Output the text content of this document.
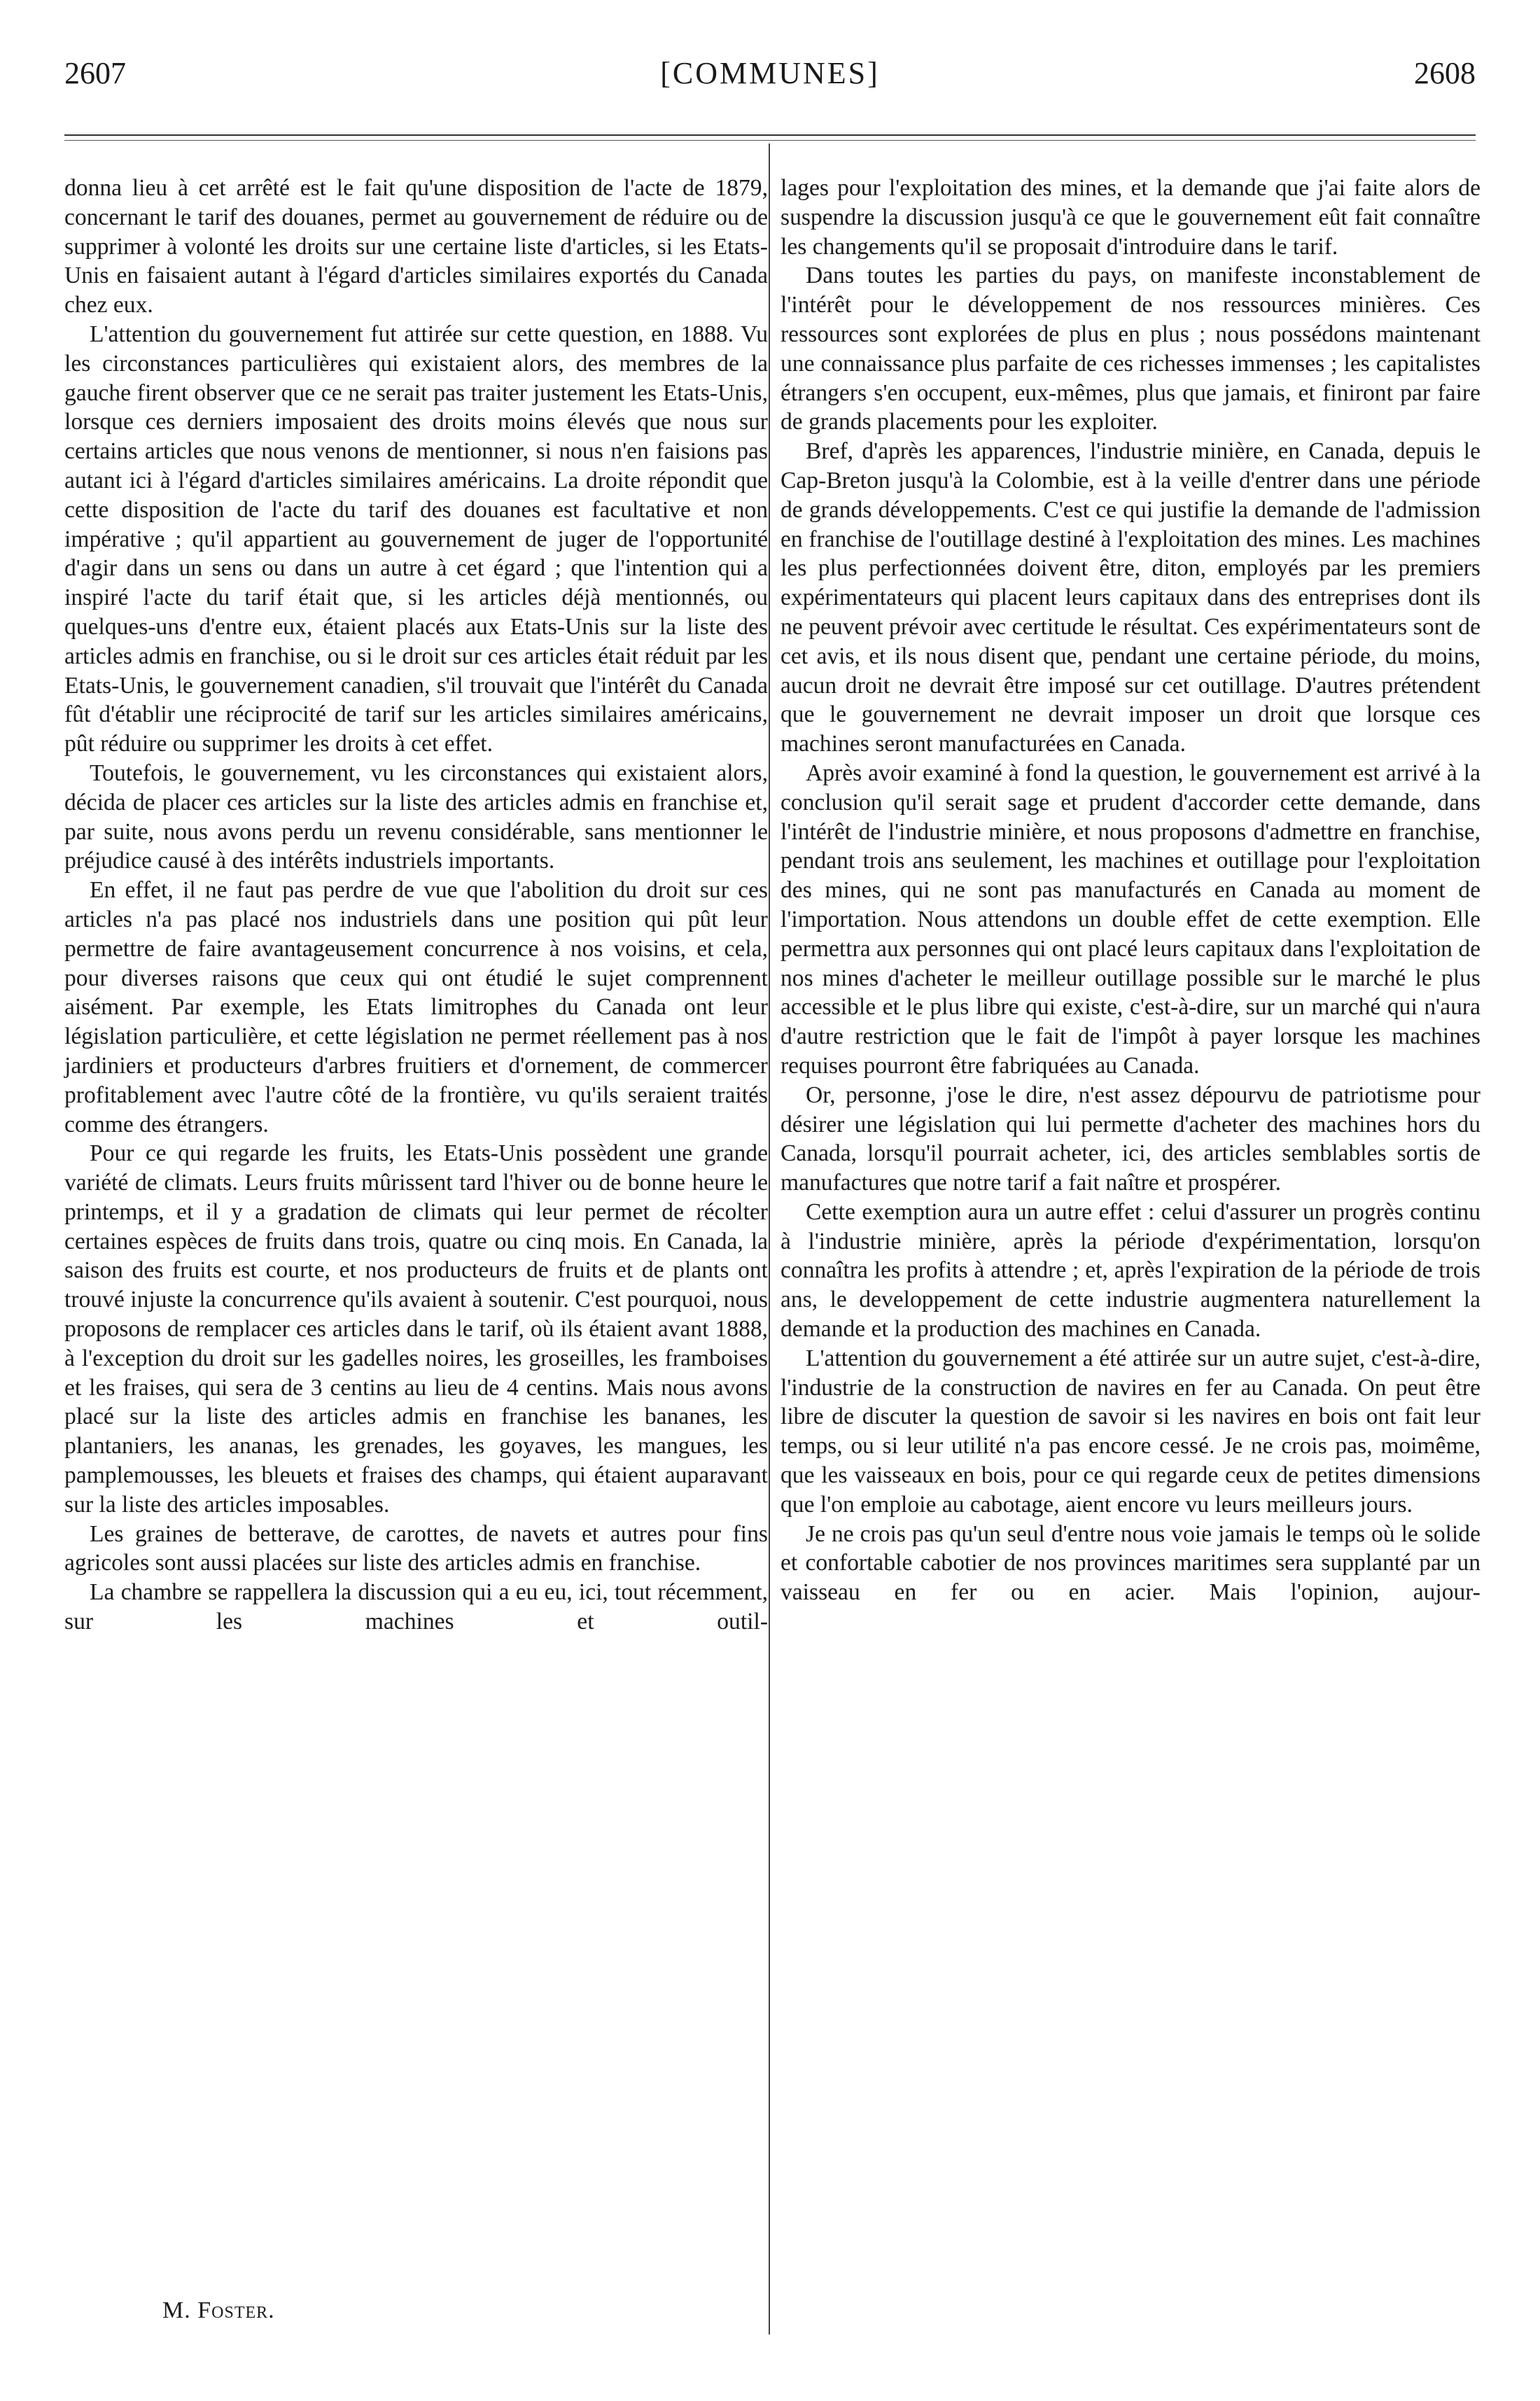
2607	[COMMUNES]	2608

donna lieu à cet arrêté est le fait qu'une disposition de l'acte de 1879, concernant le tarif des douanes, permet au gouvernement de réduire ou de supprimer à volonté les droits sur une certaine liste d'articles, si les Etats-Unis en faisaient autant à l'égard d'articles similaires exportés du Canada chez eux.

L'attention du gouvernement fut attirée sur cette question, en 1888. Vu les circonstances particulières qui existaient alors, des membres de la gauche firent observer que ce ne serait pas traiter justement les Etats-Unis, lorsque ces derniers imposaient des droits moins élevés que nous sur certains articles que nous venons de mentionner, si nous n'en faisions pas autant ici à l'égard d'articles similaires américains. La droite répondit que cette disposition de l'acte du tarif des douanes est facultative et non impérative ; qu'il appartient au gouvernement de juger de l'opportunité d'agir dans un sens ou dans un autre à cet égard ; que l'intention qui a inspiré l'acte du tarif était que, si les articles déjà mentionnés, ou quelques-uns d'entre eux, étaient placés aux Etats-Unis sur la liste des articles admis en franchise, ou si le droit sur ces articles était réduit par les Etats-Unis, le gouvernement canadien, s'il trouvait que l'intérêt du Canada fût d'établir une réciprocité de tarif sur les articles similaires américains, pût réduire ou supprimer les droits à cet effet.

Toutefois, le gouvernement, vu les circonstances qui existaient alors, décida de placer ces articles sur la liste des articles admis en franchise et, par suite, nous avons perdu un revenu considérable, sans mentionner le préjudice causé à des intérêts industriels importants.

En effet, il ne faut pas perdre de vue que l'abolition du droit sur ces articles n'a pas placé nos industriels dans une position qui pût leur permettre de faire avantageusement concurrence à nos voisins, et cela, pour diverses raisons que ceux qui ont étudié le sujet comprennent aisément. Par exemple, les Etats limitrophes du Canada ont leur législation particulière, et cette législation ne permet réellement pas à nos jardiniers et producteurs d'arbres fruitiers et d'ornement, de commercer profitablement avec l'autre côté de la frontière, vu qu'ils seraient traités comme des étrangers.

Pour ce qui regarde les fruits, les Etats-Unis possèdent une grande variété de climats. Leurs fruits mûrissent tard l'hiver ou de bonne heure le printemps, et il y a gradation de climats qui leur permet de récolter certaines espèces de fruits dans trois, quatre ou cinq mois. En Canada, la saison des fruits est courte, et nos producteurs de fruits et de plants ont trouvé injuste la concurrence qu'ils avaient à soutenir. C'est pourquoi, nous proposons de remplacer ces articles dans le tarif, où ils étaient avant 1888, à l'exception du droit sur les gadelles noires, les groseilles, les framboises et les fraises, qui sera de 3 centins au lieu de 4 centins. Mais nous avons placé sur la liste des articles admis en franchise les bananes, les plantaniers, les ananas, les grenades, les goyaves, les mangues, les pamplemousses, les bleuets et fraises des champs, qui étaient auparavant sur la liste des articles imposables.

Les graines de betterave, de carottes, de navets et autres pour fins agricoles sont aussi placées sur liste des articles admis en franchise.

La chambre se rappellera la discussion qui a eu eu, ici, tout récemment, sur les machines et outil-

lages pour l'exploitation des mines, et la demande que j'ai faite alors de suspendre la discussion jusqu'à ce que le gouvernement eût fait connaître les changements qu'il se proposait d'introduire dans le tarif.

Dans toutes les parties du pays, on manifeste inconstablement de l'intérêt pour le développement de nos ressources minières. Ces ressources sont explorées de plus en plus ; nous possédons maintenant une connaissance plus parfaite de ces richesses immenses ; les capitalistes étrangers s'en occupent, eux-mêmes, plus que jamais, et finiront par faire de grands placements pour les exploiter.

Bref, d'après les apparences, l'industrie minière, en Canada, depuis le Cap-Breton jusqu'à la Colombie, est à la veille d'entrer dans une période de grands développements. C'est ce qui justifie la demande de l'admission en franchise de l'outillage destiné à l'exploitation des mines. Les machines les plus perfectionnées doivent être, diton, employés par les premiers expérimentateurs qui placent leurs capitaux dans des entreprises dont ils ne peuvent prévoir avec certitude le résultat. Ces expérimentateurs sont de cet avis, et ils nous disent que, pendant une certaine période, du moins, aucun droit ne devrait être imposé sur cet outillage. D'autres prétendent que le gouvernement ne devrait imposer un droit que lorsque ces machines seront manufacturées en Canada.

Après avoir examiné à fond la question, le gouvernement est arrivé à la conclusion qu'il serait sage et prudent d'accorder cette demande, dans l'intérêt de l'industrie minière, et nous proposons d'admettre en franchise, pendant trois ans seulement, les machines et outillage pour l'exploitation des mines, qui ne sont pas manufacturés en Canada au moment de l'importation. Nous attendons un double effet de cette exemption. Elle permettra aux personnes qui ont placé leurs capitaux dans l'exploitation de nos mines d'acheter le meilleur outillage possible sur le marché le plus accessible et le plus libre qui existe, c'est-à-dire, sur un marché qui n'aura d'autre restriction que le fait de l'impôt à payer lorsque les machines requises pourront être fabriquées au Canada.

Or, personne, j'ose le dire, n'est assez dépourvu de patriotisme pour désirer une législation qui lui permette d'acheter des machines hors du Canada, lorsqu'il pourrait acheter, ici, des articles semblables sortis de manufactures que notre tarif a fait naître et prospérer.

Cette exemption aura un autre effet : celui d'assurer un progrès continu à l'industrie minière, après la période d'expérimentation, lorsqu'on connaîtra les profits à attendre ; et, après l'expiration de la période de trois ans, le developpement de cette industrie augmentera naturellement la demande et la production des machines en Canada.

L'attention du gouvernement a été attirée sur un autre sujet, c'est-à-dire, l'industrie de la construction de navires en fer au Canada. On peut être libre de discuter la question de savoir si les navires en bois ont fait leur temps, ou si leur utilité n'a pas encore cessé. Je ne crois pas, moimême, que les vaisseaux en bois, pour ce qui regarde ceux de petites dimensions que l'on emploie au cabotage, aient encore vu leurs meilleurs jours.

Je ne crois pas qu'un seul d'entre nous voie jamais le temps où le solide et confortable cabotier de nos provinces maritimes sera supplanté par un vaisseau en fer ou en acier. Mais l'opinion, aujour-

M. Foster.
